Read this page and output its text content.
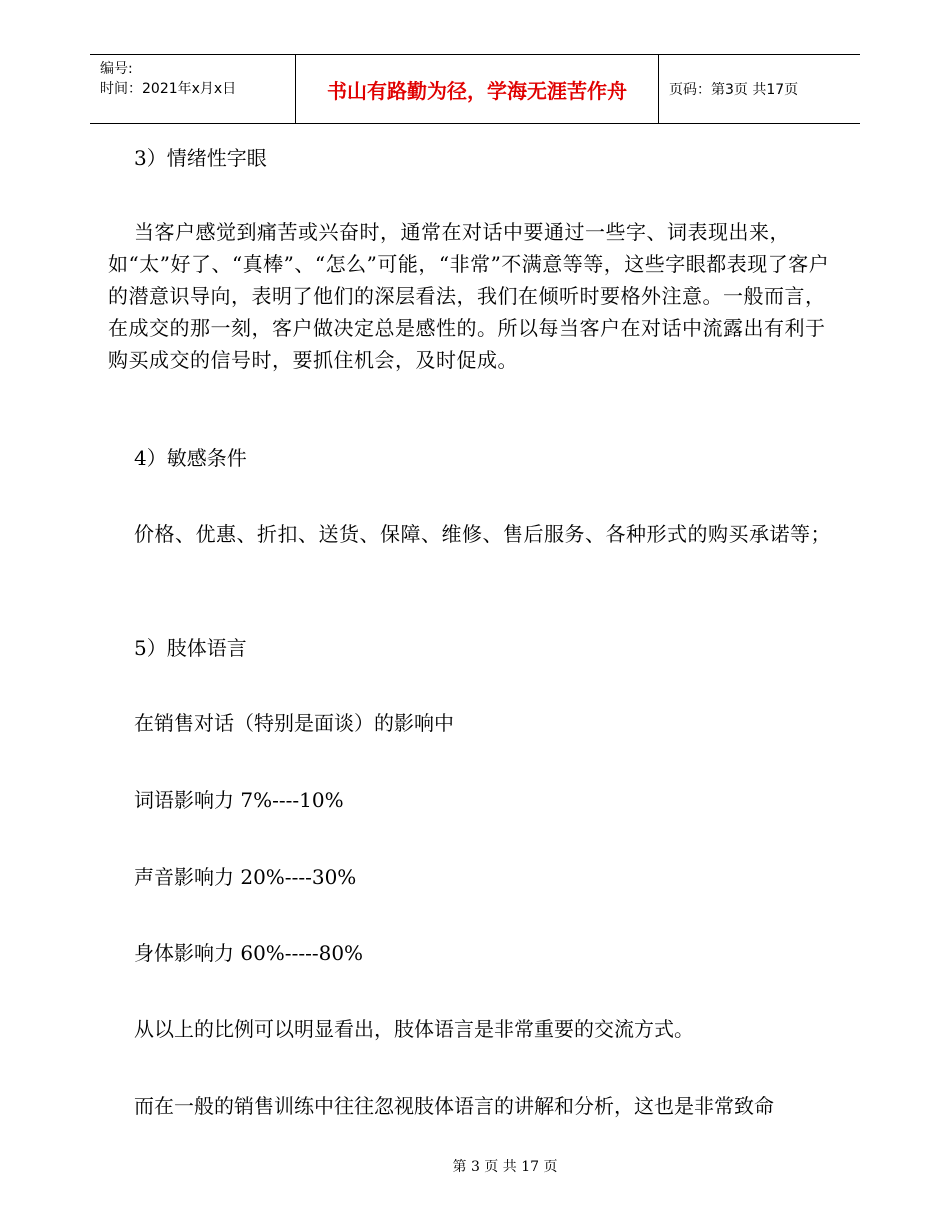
编号:
时间：2021年x月x日	书山有路勤为径，学海无涯苦作舟	页码：第3页 共17页
3）情绪性字眼
当客户感觉到痛苦或兴奋时，通常在对话中要通过一些字、词表现出来，如“太”好了、“真棒”、“怎么”可能，“非常”不满意等等，这些字眼都表现了客户的潜意识导向，表明了他们的深层看法，我们在倾听时要格外注意。一般而言，在成交的那一刻，客户做决定总是感性的。所以每当客户在对话中流露出有利于购买成交的信号时，要抓住机会，及时促成。
4）敏感条件
价格、优惠、折扣、送货、保障、维修、售后服务、各种形式的购买承诺等；
5）肢体语言
在销售对话（特别是面谈）的影响中
词语影响力 7%----10%
声音影响力 20%----30%
身体影响力 60%-----80%
从以上的比例可以明显看出，肢体语言是非常重要的交流方式。
而在一般的销售训练中往往忽视肢体语言的讲解和分析，这也是非常致命
第 3 页 共 17 页
